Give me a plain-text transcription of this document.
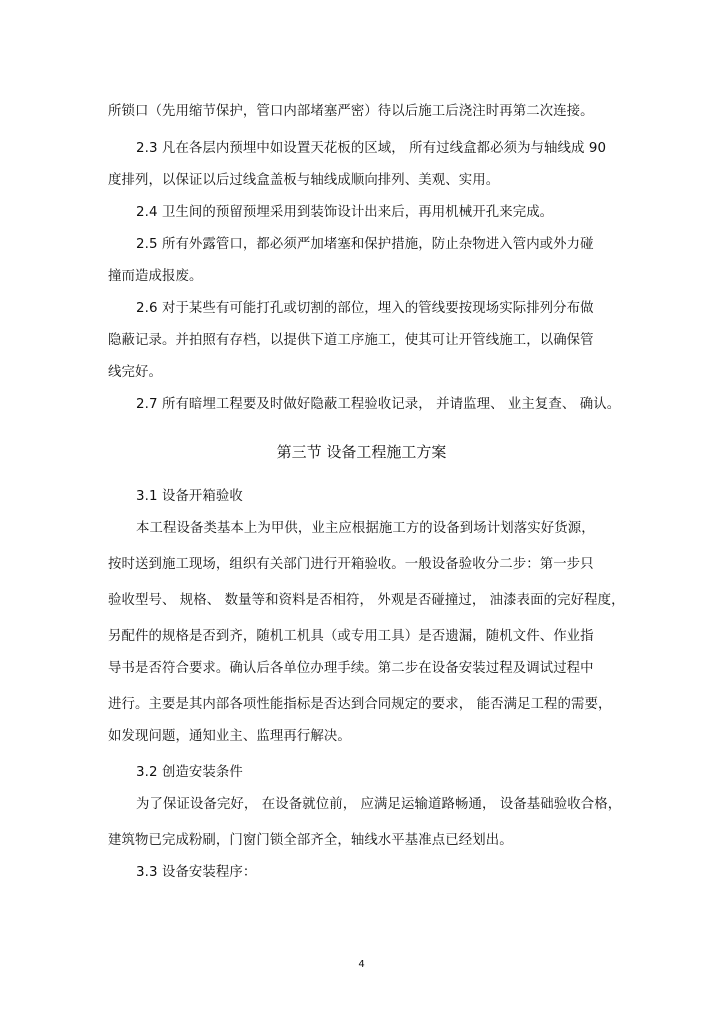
所锁口（先用缩节保护，管口内部堵塞严密）待以后施工后浇注时再第二次连接。
2.3 凡在各层内预埋中如设置天花板的区域， 所有过线盒都必须为与轴线成 90
度排列，以保证以后过线盒盖板与轴线成顺向排列、美观、实用。
2.4 卫生间的预留预埋采用到装饰设计出来后，再用机械开孔来完成。
2.5 所有外露管口，都必须严加堵塞和保护措施，防止杂物进入管内或外力碰
撞而造成报废。
2.6 对于某些有可能打孔或切割的部位，埋入的管线要按现场实际排列分布做
隐蔽记录。并拍照有存档，以提供下道工序施工，使其可让开管线施工，以确保管
线完好。
2.7 所有暗埋工程要及时做好隐蔽工程验收记录， 并请监理、 业主复查、 确认。
第三节 设备工程施工方案
3.1 设备开箱验收
本工程设备类基本上为甲供，业主应根据施工方的设备到场计划落实好货源，
按时送到施工现场，组织有关部门进行开箱验收。一般设备验收分二步：第一步只
验收型号、 规格、 数量等和资料是否相符， 外观是否碰撞过， 油漆表面的完好程度，
另配件的规格是否到齐，随机工机具（或专用工具）是否遗漏，随机文件、作业指
导书是否符合要求。确认后各单位办理手续。第二步在设备安装过程及调试过程中
进行。主要是其内部各项性能指标是否达到合同规定的要求， 能否满足工程的需要，
如发现问题，通知业主、监理再行解决。
3.2 创造安装条件
为了保证设备完好， 在设备就位前， 应满足运输道路畅通， 设备基础验收合格，
建筑物已完成粉刷，门窗门锁全部齐全，轴线水平基准点已经划出。
3.3 设备安装程序：
4
